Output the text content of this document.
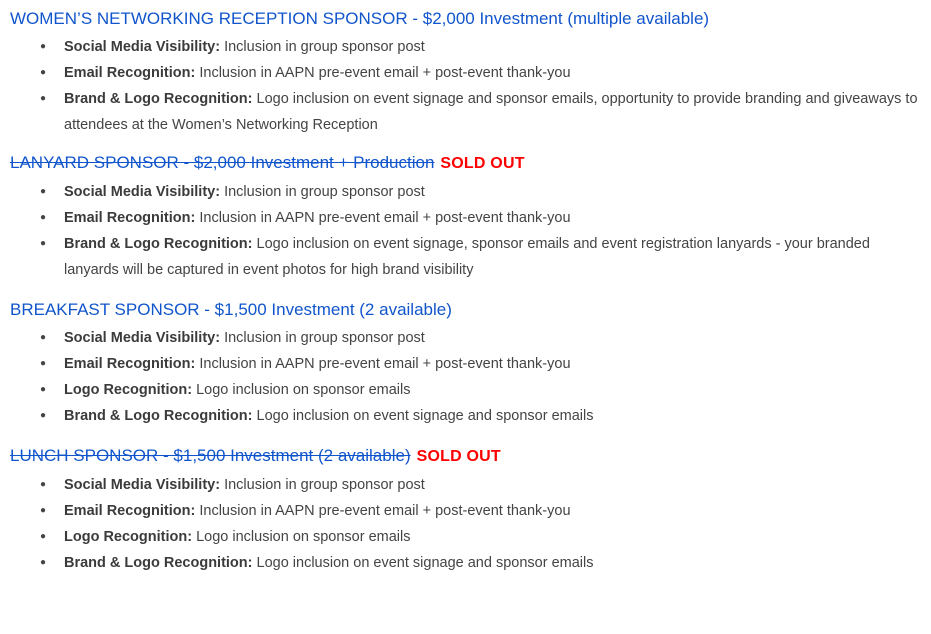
WOMEN’S NETWORKING RECEPTION SPONSOR - $2,000 Investment (multiple available)

● Social Media Visibility: Inclusion in group sponsor post
● Email Recognition: Inclusion in AAPN pre-event email + post-event thank-you
● Brand & Logo Recognition: Logo inclusion on event signage and sponsor emails, opportunity to provide branding and giveaways to attendees at the Women’s Networking Reception

LANYARD SPONSOR - $2,000 Investment + Production SOLD OUT

● Social Media Visibility: Inclusion in group sponsor post
● Email Recognition: Inclusion in AAPN pre-event email + post-event thank-you
● Brand & Logo Recognition: Logo inclusion on event signage, sponsor emails and event registration lanyards - your branded lanyards will be captured in event photos for high brand visibility

BREAKFAST SPONSOR - $1,500 Investment (2 available)

● Social Media Visibility: Inclusion in group sponsor post
● Email Recognition: Inclusion in AAPN pre-event email + post-event thank-you
● Logo Recognition: Logo inclusion on sponsor emails
● Brand & Logo Recognition: Logo inclusion on event signage and sponsor emails

LUNCH SPONSOR - $1,500 Investment (2 available) SOLD OUT

● Social Media Visibility: Inclusion in group sponsor post
● Email Recognition: Inclusion in AAPN pre-event email + post-event thank-you
● Logo Recognition: Logo inclusion on sponsor emails
● Brand & Logo Recognition: Logo inclusion on event signage and sponsor emails
